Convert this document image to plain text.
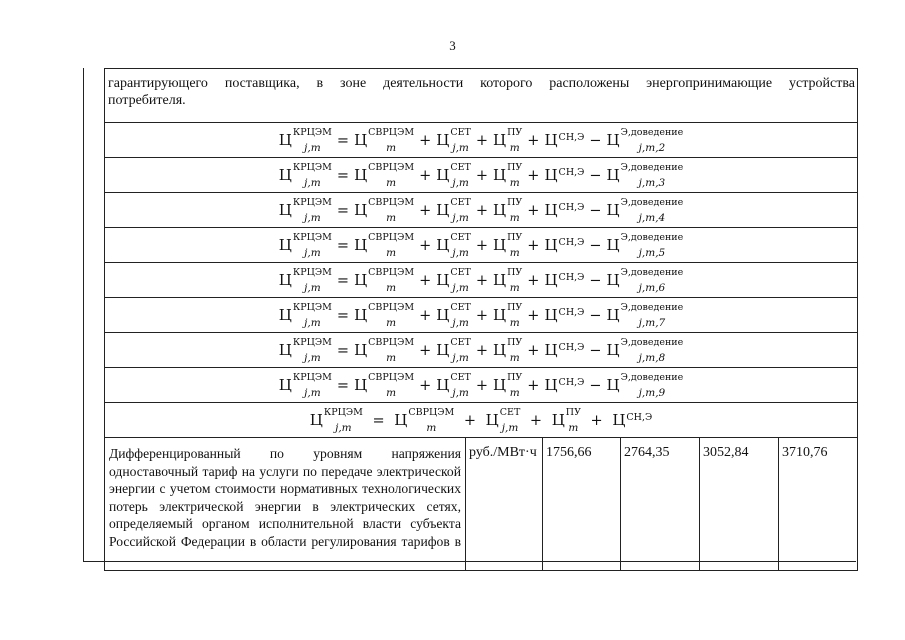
3
гарантирующего поставщика, в зоне деятельности которого расположены энергопринимающие устройства
потребителя.
Ц КРЦЭМ
j,m	= Ц СВРЦЭМ
m	+ Ц СЕТ
j,m + Ц ПУ
m + Ц СН,Э − Ц Э,доведение
j,m,2

Ц КРЦЭМ
j,m	= Ц СВРЦЭМ
m	+ Ц СЕТ
j,m + Ц ПУ
m + Ц СН,Э − Ц Э,доведение
j,m,3

Ц КРЦЭМ
j,m	= Ц СВРЦЭМ
m	+ Ц СЕТ
j,m + Ц ПУ
m + Ц СН,Э − Ц Э,доведение
j,m,4

Ц КРЦЭМ
j,m	= Ц СВРЦЭМ
m	+ Ц СЕТ
j,m + Ц ПУ
m + Ц СН,Э − Ц Э,доведение
j,m,5

Ц КРЦЭМ
j,m	= Ц СВРЦЭМ
m	+ Ц СЕТ
j,m + Ц ПУ
m + Ц СН,Э − Ц Э,доведение
j,m,6

Ц КРЦЭМ
j,m	= Ц СВРЦЭМ
m	+ Ц СЕТ
j,m + Ц ПУ
m + Ц СН,Э − Ц Э,доведение
j,m,7

Ц КРЦЭМ
j,m	= Ц СВРЦЭМ
m	+ Ц СЕТ
j,m + Ц ПУ
m + Ц СН,Э − Ц Э,доведение
j,m,8

Ц КРЦЭМ
j,m	= Ц СВРЦЭМ
m	+ Ц СЕТ
j,m + Ц ПУ
m + Ц СН,Э − Ц Э,доведение
j,m,9

Ц КРЦЭМ
j,m	= Ц СВРЦЭМ
m	+ Ц СЕТ
j,m + Ц ПУ
m + Ц СН,Э

Дифференцированный по уровням напряжения одноставочный тариф на услуги по передаче электрической энергии с учетом стоимости нормативных технологических потерь электрической энергии в электрических сетях, определяемый органом исполнительной власти субъекта Российской Федерации в области регулирования тарифов в	руб./МВт·ч	1756,66	2764,35	3052,84	3710,76
